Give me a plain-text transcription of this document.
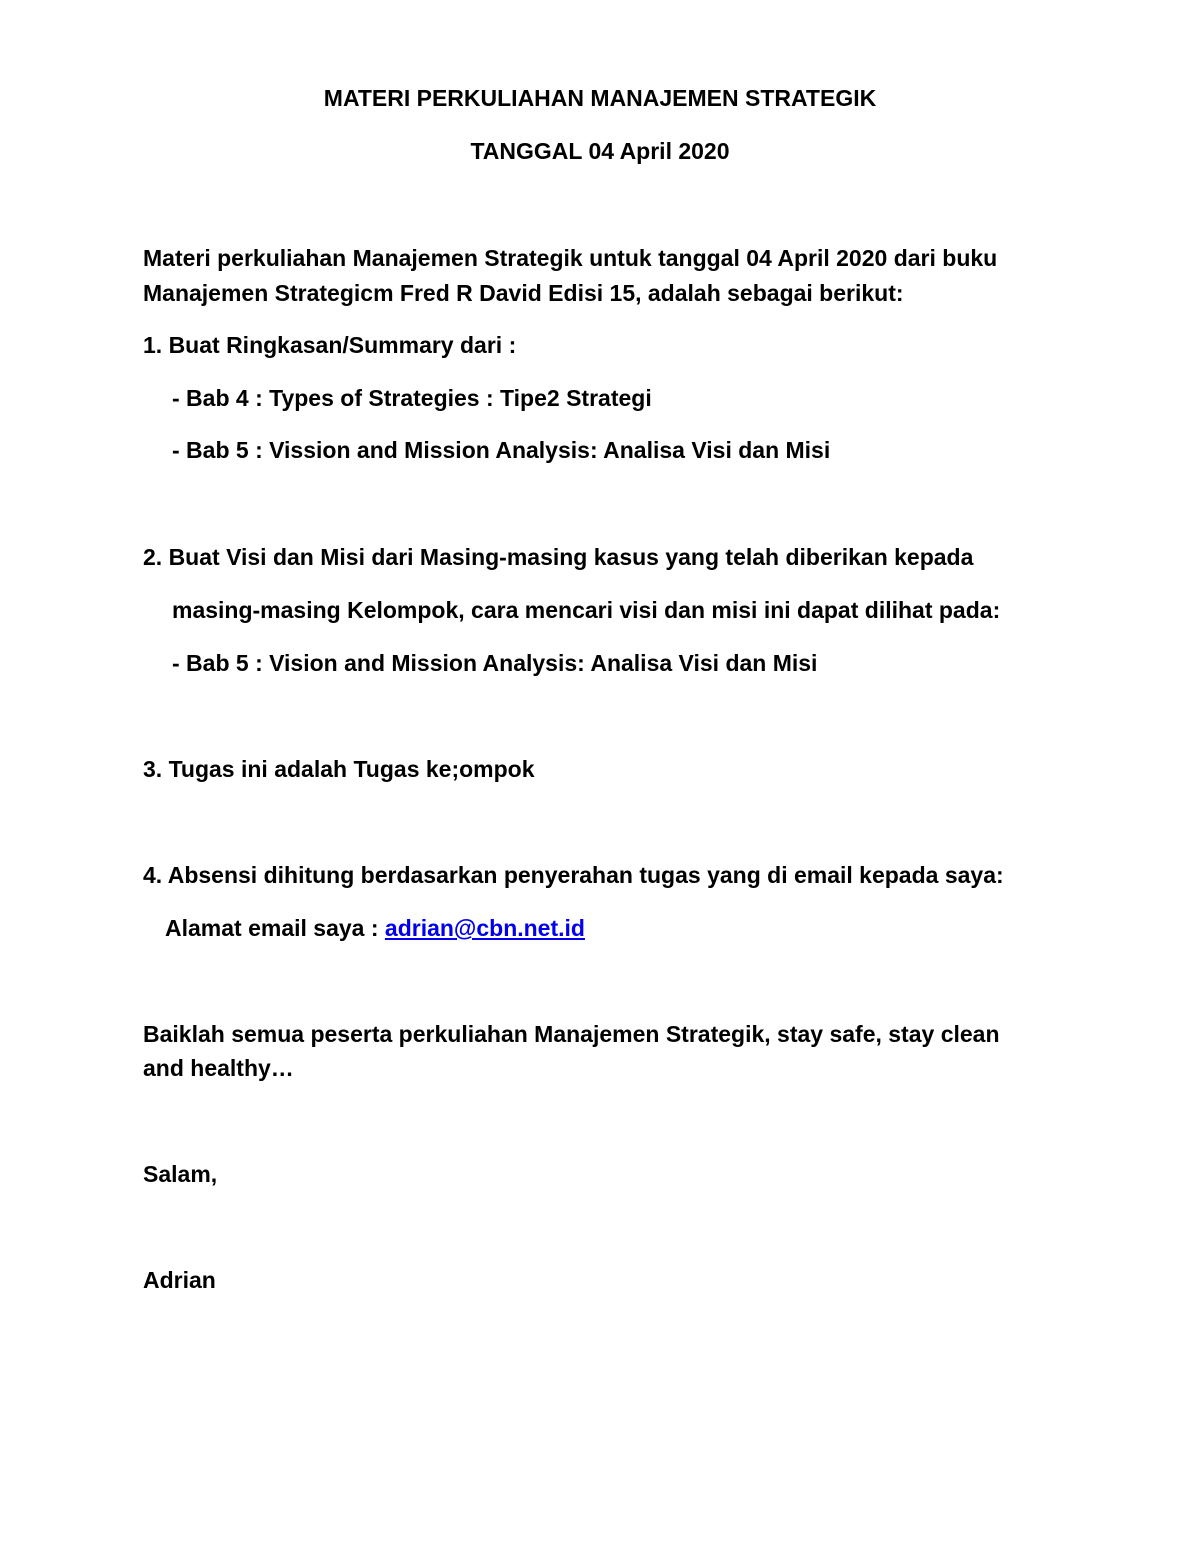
MATERI PERKULIAHAN MANAJEMEN STRATEGIK
TANGGAL 04 April 2020
Materi perkuliahan Manajemen Strategik untuk tanggal 04 April 2020 dari buku
Manajemen Strategicm Fred R David Edisi 15, adalah sebagai berikut:
1. Buat Ringkasan/Summary dari :
- Bab 4 : Types of Strategies : Tipe2 Strategi
- Bab 5 : Vission and Mission Analysis: Analisa Visi dan Misi
2. Buat Visi dan Misi dari Masing-masing kasus yang telah diberikan kepada
masing-masing Kelompok, cara mencari visi dan misi ini dapat dilihat pada:
- Bab 5 : Vision and Mission Analysis: Analisa Visi dan Misi
3. Tugas ini adalah Tugas ke;ompok
4. Absensi dihitung berdasarkan penyerahan tugas yang di email kepada saya:
Alamat email saya : adrian@cbn.net.id
Baiklah semua peserta perkuliahan Manajemen Strategik, stay safe, stay clean
and healthy…
Salam,
Adrian
